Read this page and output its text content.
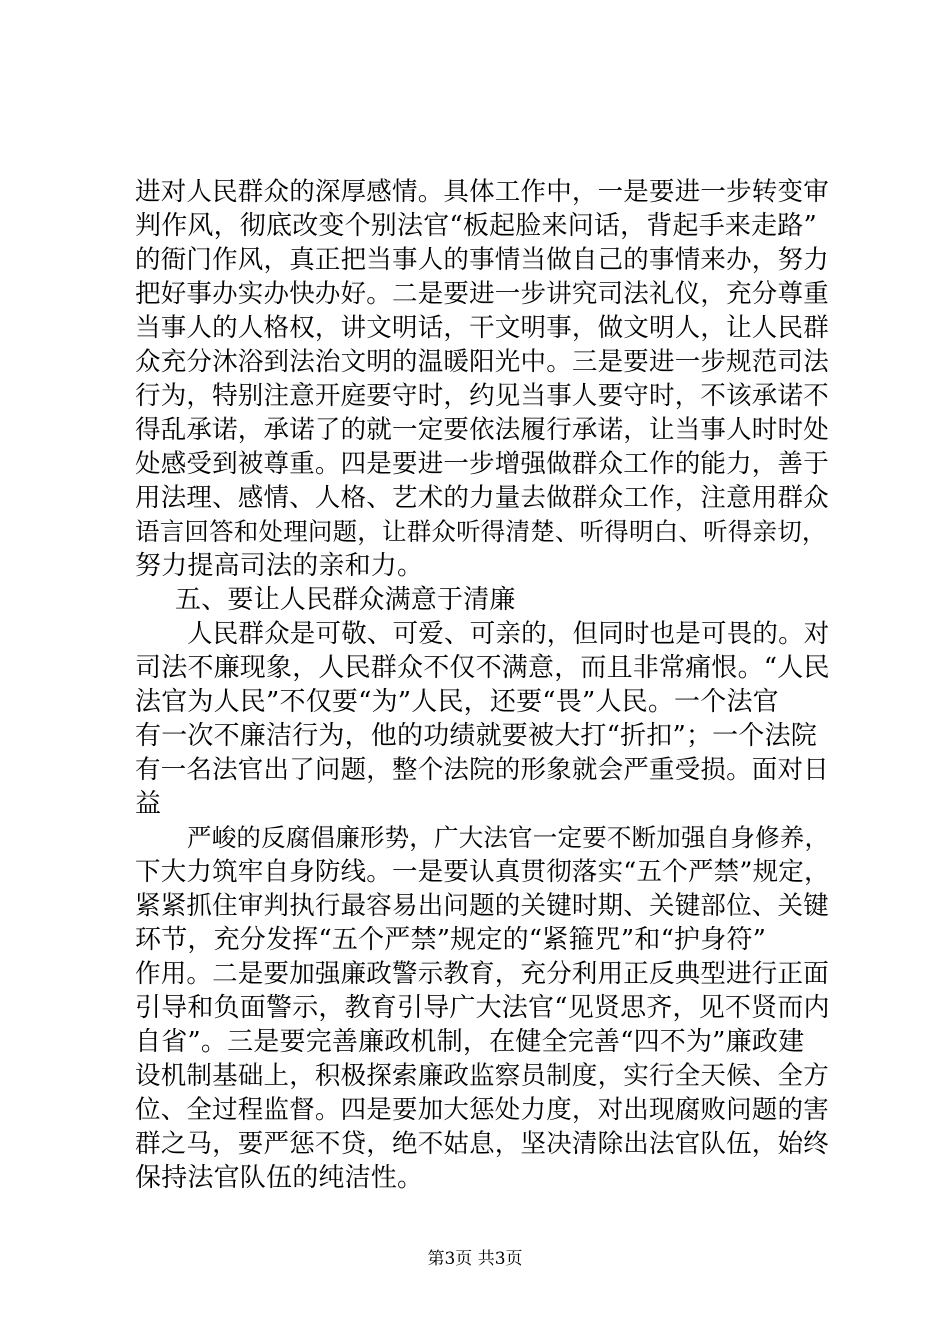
进对人民群众的深厚感情。具体工作中，一是要进一步转变审
判作风，彻底改变个别法官“板起脸来问话，背起手来走路”
的衙门作风，真正把当事人的事情当做自己的事情来办，努力
把好事办实办快办好。二是要进一步讲究司法礼仪，充分尊重
当事人的人格权，讲文明话，干文明事，做文明人，让人民群
众充分沐浴到法治文明的温暖阳光中。三是要进一步规范司法
行为，特别注意开庭要守时，约见当事人要守时，不该承诺不
得乱承诺，承诺了的就一定要依法履行承诺，让当事人时时处
处感受到被尊重。四是要进一步增强做群众工作的能力，善于
用法理、感情、人格、艺术的力量去做群众工作，注意用群众
语言回答和处理问题，让群众听得清楚、听得明白、听得亲切，
努力提高司法的亲和力。
五、要让人民群众满意于清廉
人民群众是可敬、可爱、可亲的，但同时也是可畏的。对
司法不廉现象，人民群众不仅不满意，而且非常痛恨。“人民
法官为人民”不仅要“为”人民，还要“畏”人民。一个法官
有一次不廉洁行为，他的功绩就要被大打“折扣”；一个法院
有一名法官出了问题，整个法院的形象就会严重受损。面对日
益
严峻的反腐倡廉形势，广大法官一定要不断加强自身修养，
下大力筑牢自身防线。一是要认真贯彻落实“五个严禁”规定，
紧紧抓住审判执行最容易出问题的关键时期、关键部位、关键
环节，充分发挥“五个严禁”规定的“紧箍咒”和“护身符”
作用。二是要加强廉政警示教育，充分利用正反典型进行正面
引导和负面警示，教育引导广大法官“见贤思齐，见不贤而内
自省”。三是要完善廉政机制，在健全完善“四不为”廉政建
设机制基础上，积极探索廉政监察员制度，实行全天候、全方
位、全过程监督。四是要加大惩处力度，对出现腐败问题的害
群之马，要严惩不贷，绝不姑息，坚决清除出法官队伍，始终
保持法官队伍的纯洁性。
第3页 共3页
